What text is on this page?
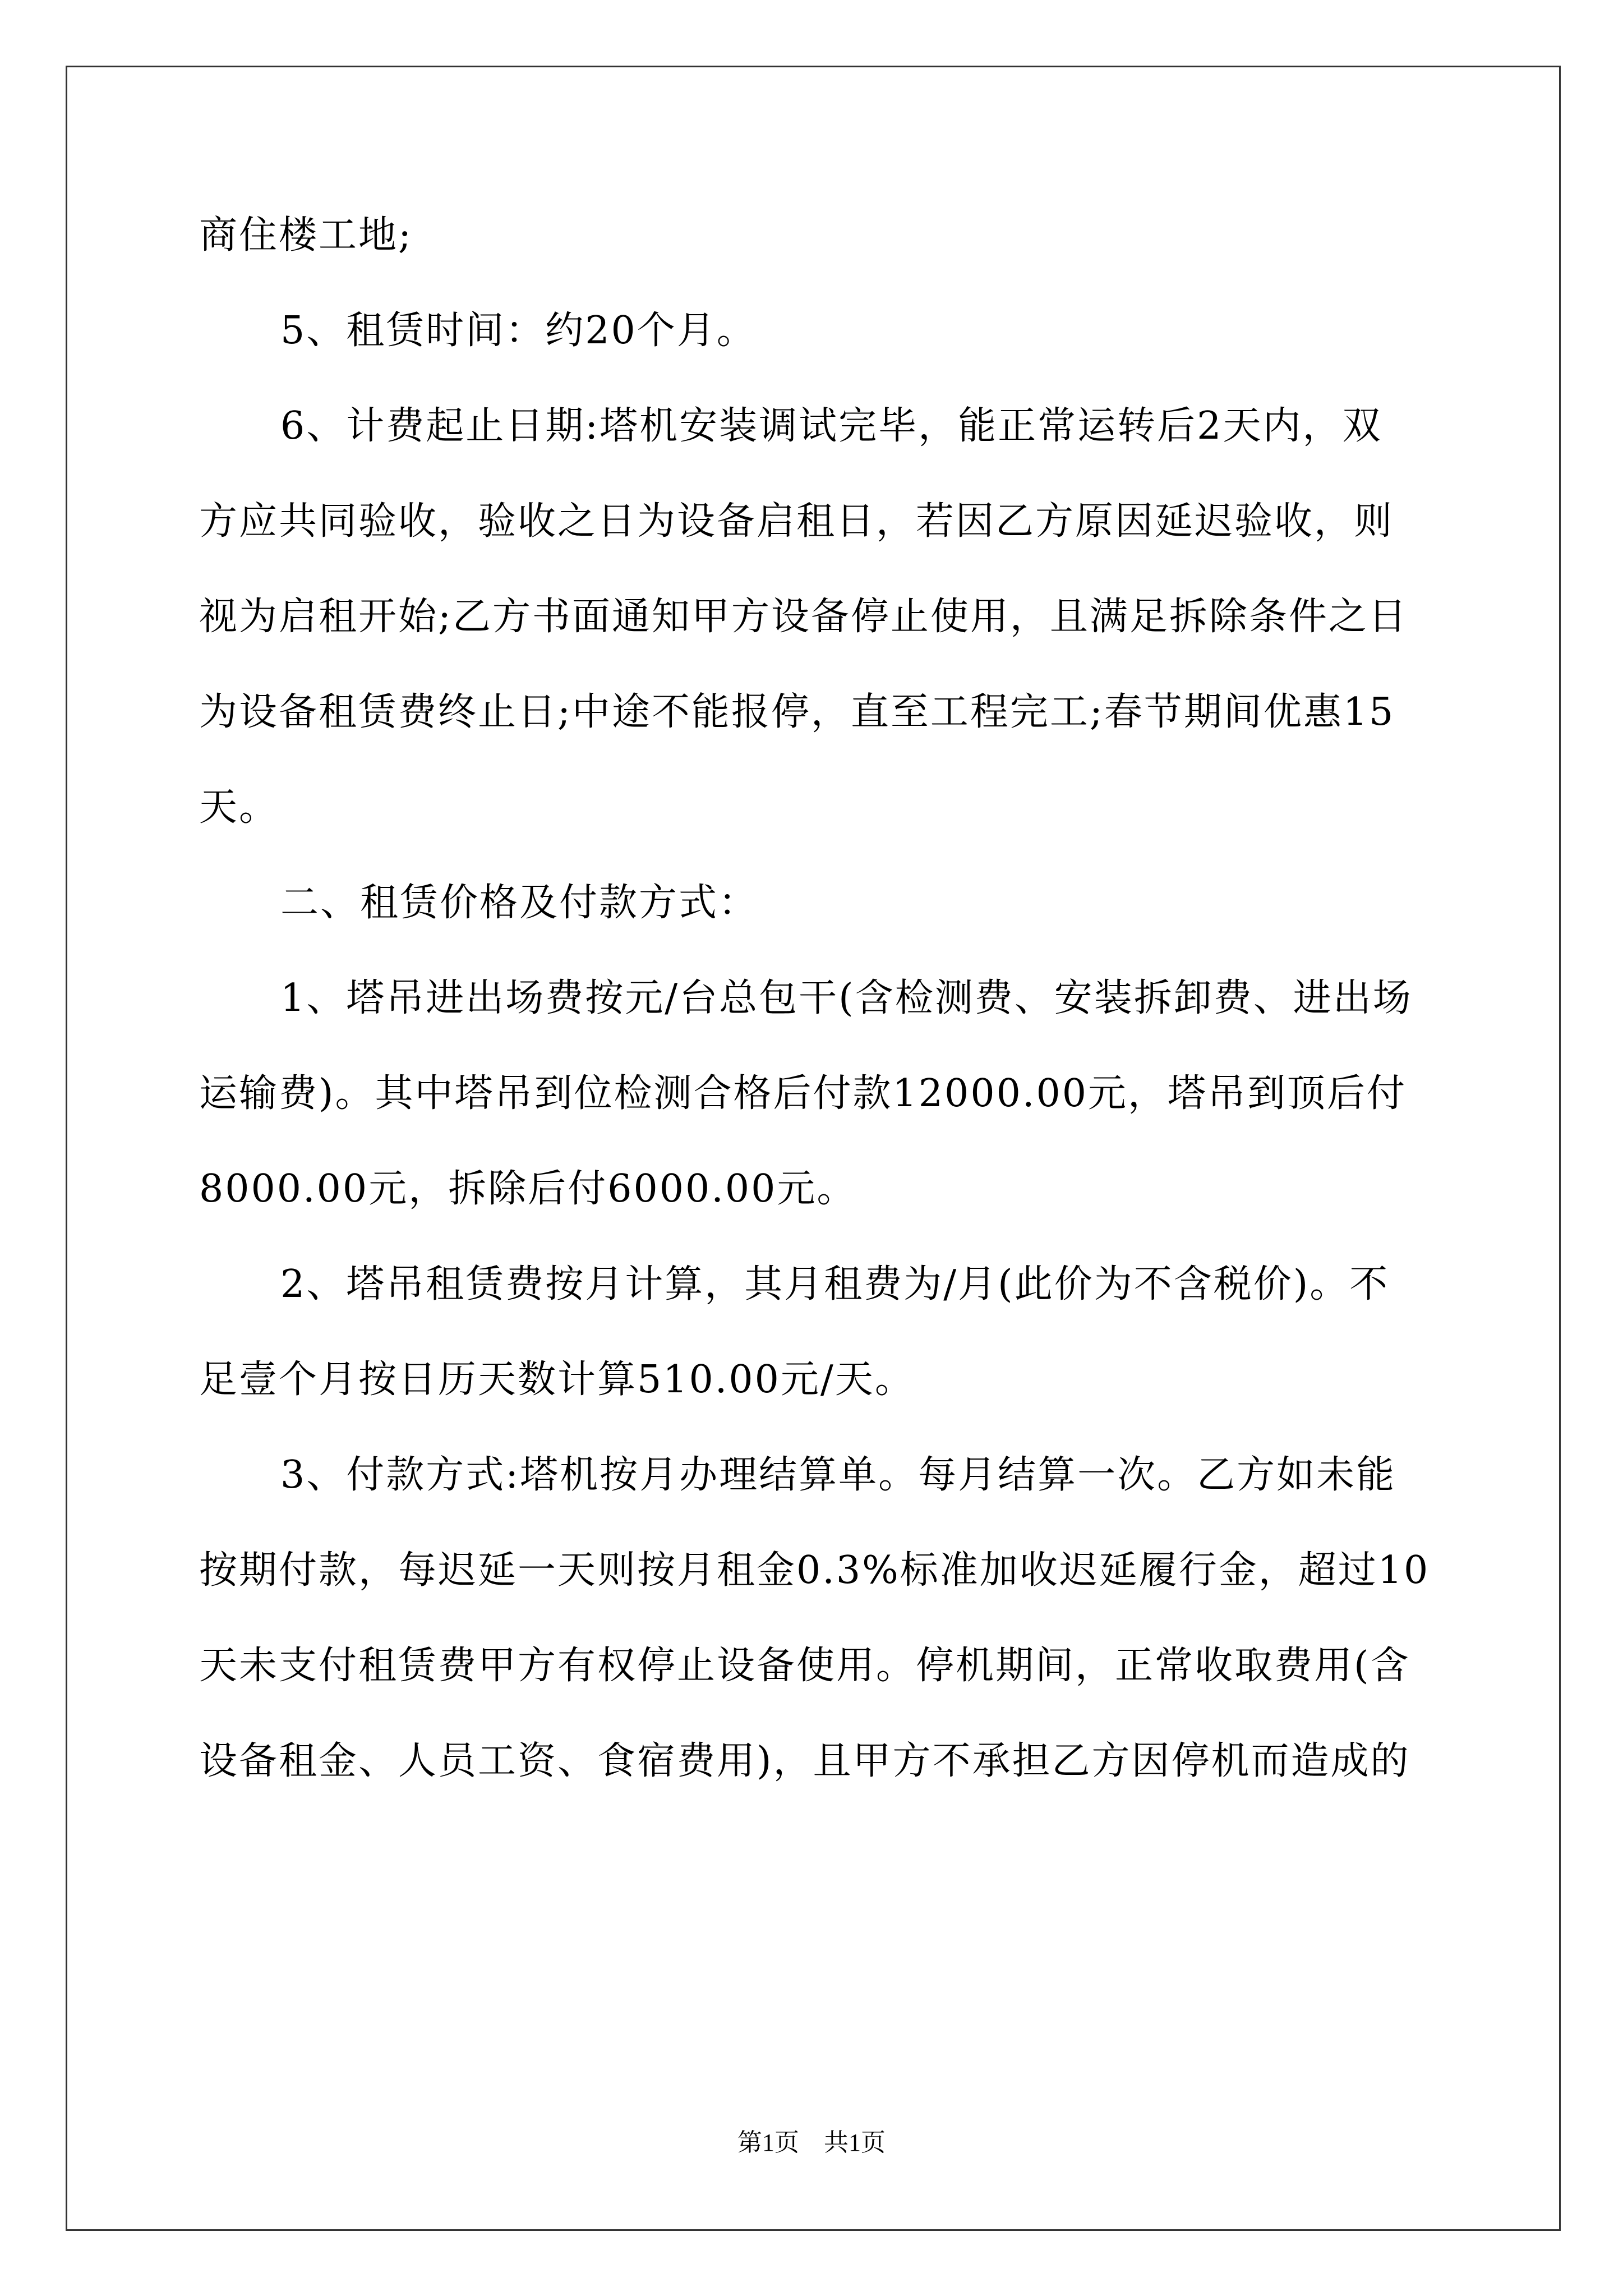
商住楼工地;
5、租赁时间：约20个月。
6、计费起止日期:塔机安装调试完毕，能正常运转后2天内，双
方应共同验收，验收之日为设备启租日，若因乙方原因延迟验收，则
视为启租开始;乙方书面通知甲方设备停止使用，且满足拆除条件之日
为设备租赁费终止日;中途不能报停，直至工程完工;春节期间优惠15
天。
二、租赁价格及付款方式：
1、塔吊进出场费按元/台总包干(含检测费、安装拆卸费、进出场
运输费)。其中塔吊到位检测合格后付款12000.00元，塔吊到顶后付
8000.00元，拆除后付6000.00元。
2、塔吊租赁费按月计算，其月租费为/月(此价为不含税价)。不
足壹个月按日历天数计算510.00元/天。
3、付款方式:塔机按月办理结算单。每月结算一次。乙方如未能
按期付款，每迟延一天则按月租金0.3%标准加收迟延履行金，超过10
天未支付租赁费甲方有权停止设备使用。停机期间，正常收取费用(含
设备租金、人员工资、食宿费用)，且甲方不承担乙方因停机而造成的
第1页　共1页
